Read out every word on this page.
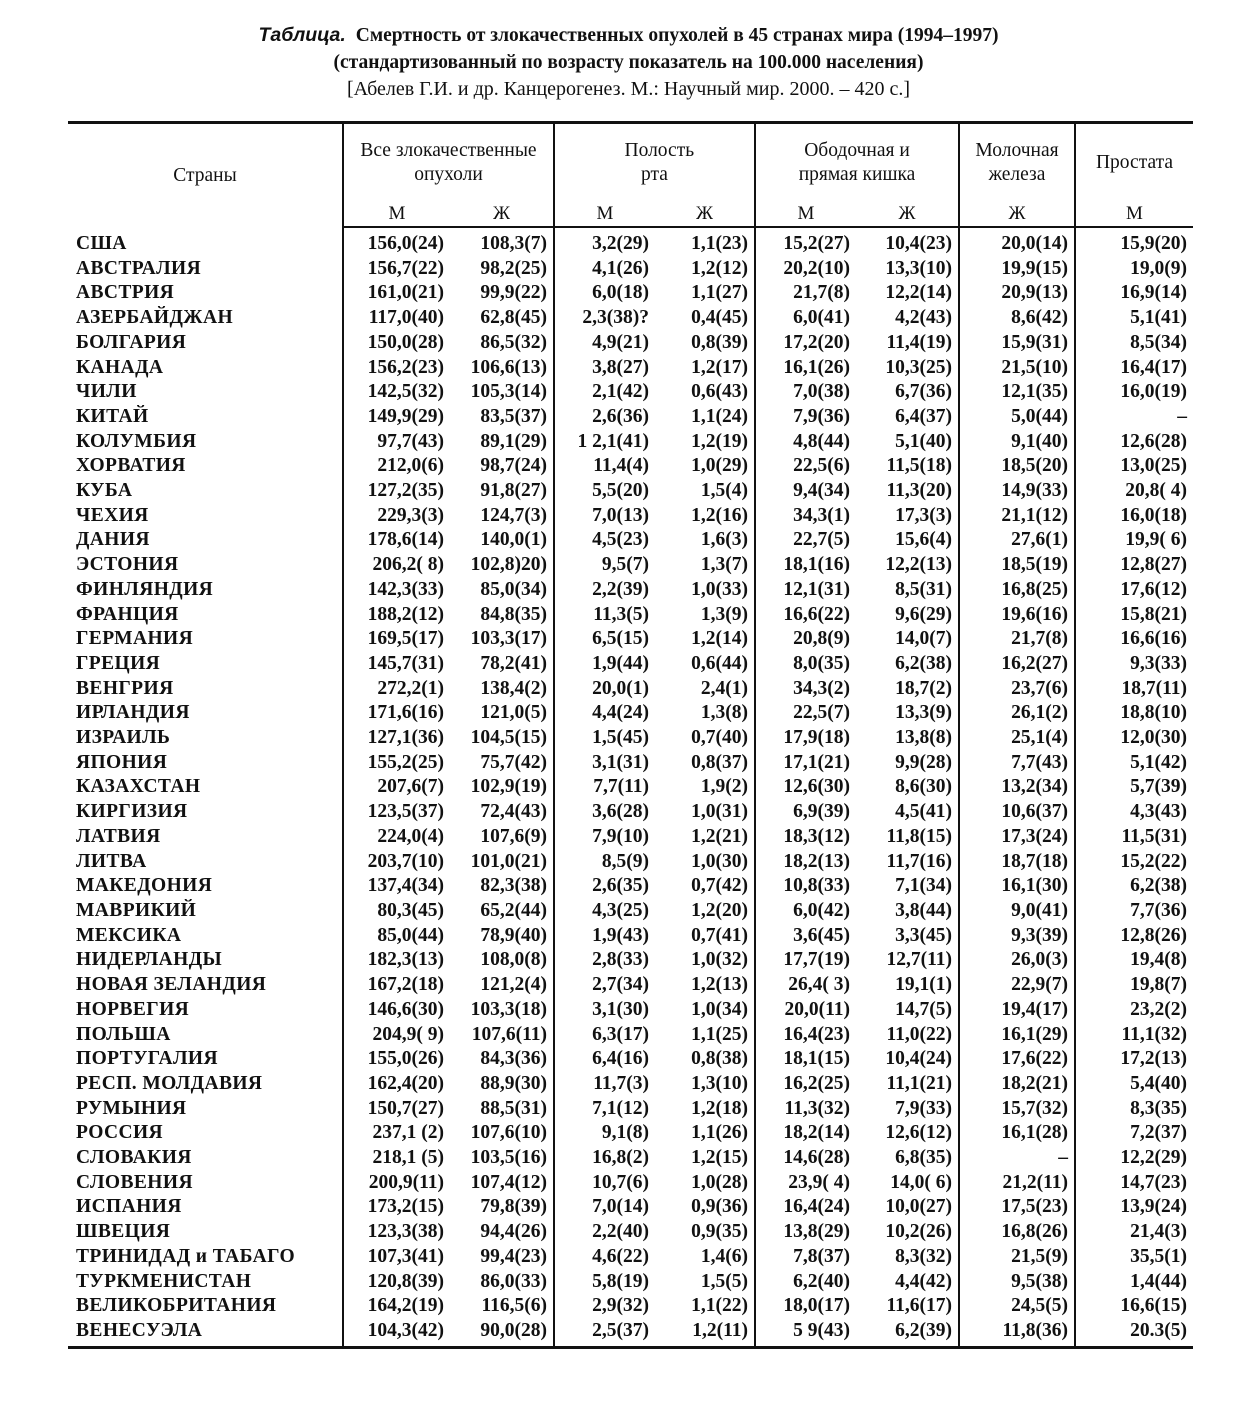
Таблица. Смертность от злокачественных опухолей в 45 странах мира (1994–1997)
(стандартизованный по возрасту показатель на 100.000 населения)
[Абелев Г.И. и др. Канцерогенез. М.: Научный мир. 2000. – 420 с.]
Страны	Все злокачественные опухоли		Полость рта		Ободочная и прямая кишка		Молочная железа	Простата
	М	Ж	М	Ж	М	Ж	Ж	М
США	156,0(24)	108,3(7)	3,2(29)	1,1(23)	15,2(27)	10,4(23)	20,0(14)	15,9(20)
АВСТРАЛИЯ	156,7(22)	98,2(25)	4,1(26)	1,2(12)	20,2(10)	13,3(10)	19,9(15)	19,0(9)
АВСТРИЯ	161,0(21)	99,9(22)	6,0(18)	1,1(27)	21,7(8)	12,2(14)	20,9(13)	16,9(14)
АЗЕРБАЙДЖАН	117,0(40)	62,8(45)	2,3(38)?	0,4(45)	6,0(41)	4,2(43)	8,6(42)	5,1(41)
БОЛГАРИЯ	150,0(28)	86,5(32)	4,9(21)	0,8(39)	17,2(20)	11,4(19)	15,9(31)	8,5(34)
КАНАДА	156,2(23)	106,6(13)	3,8(27)	1,2(17)	16,1(26)	10,3(25)	21,5(10)	16,4(17)
ЧИЛИ	142,5(32)	105,3(14)	2,1(42)	0,6(43)	7,0(38)	6,7(36)	12,1(35)	16,0(19)
КИТАЙ	149,9(29)	83,5(37)	2,6(36)	1,1(24)	7,9(36)	6,4(37)	5,0(44)	–
КОЛУМБИЯ	97,7(43)	89,1(29)	1 2,1(41)	1,2(19)	4,8(44)	5,1(40)	9,1(40)	12,6(28)
ХОРВАТИЯ	212,0(6)	98,7(24)	11,4(4)	1,0(29)	22,5(6)	11,5(18)	18,5(20)	13,0(25)
КУБА	127,2(35)	91,8(27)	5,5(20)	1,5(4)	9,4(34)	11,3(20)	14,9(33)	20,8( 4)
ЧЕХИЯ	229,3(3)	124,7(3)	7,0(13)	1,2(16)	34,3(1)	17,3(3)	21,1(12)	16,0(18)
ДАНИЯ	178,6(14)	140,0(1)	4,5(23)	1,6(3)	22,7(5)	15,6(4)	27,6(1)	19,9( 6)
ЭСТОНИЯ	206,2( 8)	102,8)20)	9,5(7)	1,3(7)	18,1(16)	12,2(13)	18,5(19)	12,8(27)
ФИНЛЯНДИЯ	142,3(33)	85,0(34)	2,2(39)	1,0(33)	12,1(31)	8,5(31)	16,8(25)	17,6(12)
ФРАНЦИЯ	188,2(12)	84,8(35)	11,3(5)	1,3(9)	16,6(22)	9,6(29)	19,6(16)	15,8(21)
ГЕРМАНИЯ	169,5(17)	103,3(17)	6,5(15)	1,2(14)	20,8(9)	14,0(7)	21,7(8)	16,6(16)
ГРЕЦИЯ	145,7(31)	78,2(41)	1,9(44)	0,6(44)	8,0(35)	6,2(38)	16,2(27)	9,3(33)
ВЕНГРИЯ	272,2(1)	138,4(2)	20,0(1)	2,4(1)	34,3(2)	18,7(2)	23,7(6)	18,7(11)
ИРЛАНДИЯ	171,6(16)	121,0(5)	4,4(24)	1,3(8)	22,5(7)	13,3(9)	26,1(2)	18,8(10)
ИЗРАИЛЬ	127,1(36)	104,5(15)	1,5(45)	0,7(40)	17,9(18)	13,8(8)	25,1(4)	12,0(30)
ЯПОНИЯ	155,2(25)	75,7(42)	3,1(31)	0,8(37)	17,1(21)	9,9(28)	7,7(43)	5,1(42)
КАЗАХСТАН	207,6(7)	102,9(19)	7,7(11)	1,9(2)	12,6(30)	8,6(30)	13,2(34)	5,7(39)
КИРГИЗИЯ	123,5(37)	72,4(43)	3,6(28)	1,0(31)	6,9(39)	4,5(41)	10,6(37)	4,3(43)
ЛАТВИЯ	224,0(4)	107,6(9)	7,9(10)	1,2(21)	18,3(12)	11,8(15)	17,3(24)	11,5(31)
ЛИТВА	203,7(10)	101,0(21)	8,5(9)	1,0(30)	18,2(13)	11,7(16)	18,7(18)	15,2(22)
МАКЕДОНИЯ	137,4(34)	82,3(38)	2,6(35)	0,7(42)	10,8(33)	7,1(34)	16,1(30)	6,2(38)
МАВРИКИЙ	80,3(45)	65,2(44)	4,3(25)	1,2(20)	6,0(42)	3,8(44)	9,0(41)	7,7(36)
МЕКСИКА	85,0(44)	78,9(40)	1,9(43)	0,7(41)	3,6(45)	3,3(45)	9,3(39)	12,8(26)
НИДЕРЛАНДЫ	182,3(13)	108,0(8)	2,8(33)	1,0(32)	17,7(19)	12,7(11)	26,0(3)	19,4(8)
НОВАЯ ЗЕЛАНДИЯ	167,2(18)	121,2(4)	2,7(34)	1,2(13)	26,4( 3)	19,1(1)	22,9(7)	19,8(7)
НОРВЕГИЯ	146,6(30)	103,3(18)	3,1(30)	1,0(34)	20,0(11)	14,7(5)	19,4(17)	23,2(2)
ПОЛЬША	204,9( 9)	107,6(11)	6,3(17)	1,1(25)	16,4(23)	11,0(22)	16,1(29)	11,1(32)
ПОРТУГАЛИЯ	155,0(26)	84,3(36)	6,4(16)	0,8(38)	18,1(15)	10,4(24)	17,6(22)	17,2(13)
РЕСП. МОЛДАВИЯ	162,4(20)	88,9(30)	11,7(3)	1,3(10)	16,2(25)	11,1(21)	18,2(21)	5,4(40)
РУМЫНИЯ	150,7(27)	88,5(31)	7,1(12)	1,2(18)	11,3(32)	7,9(33)	15,7(32)	8,3(35)
РОССИЯ	237,1 (2)	107,6(10)	9,1(8)	1,1(26)	18,2(14)	12,6(12)	16,1(28)	7,2(37)
СЛОВАКИЯ	218,1 (5)	103,5(16)	16,8(2)	1,2(15)	14,6(28)	6,8(35)	–	12,2(29)
СЛОВЕНИЯ	200,9(11)	107,4(12)	10,7(6)	1,0(28)	23,9( 4)	14,0( 6)	21,2(11)	14,7(23)
ИСПАНИЯ	173,2(15)	79,8(39)	7,0(14)	0,9(36)	16,4(24)	10,0(27)	17,5(23)	13,9(24)
ШВЕЦИЯ	123,3(38)	94,4(26)	2,2(40)	0,9(35)	13,8(29)	10,2(26)	16,8(26)	21,4(3)
ТРИНИДАД и ТАБАГО	107,3(41)	99,4(23)	4,6(22)	1,4(6)	7,8(37)	8,3(32)	21,5(9)	35,5(1)
ТУРКМЕНИСТАН	120,8(39)	86,0(33)	5,8(19)	1,5(5)	6,2(40)	4,4(42)	9,5(38)	1,4(44)
ВЕЛИКОБРИТАНИЯ	164,2(19)	116,5(6)	2,9(32)	1,1(22)	18,0(17)	11,6(17)	24,5(5)	16,6(15)
ВЕНЕСУЭЛА	104,3(42)	90,0(28)	2,5(37)	1,2(11)	5 9(43)	6,2(39)	11,8(36)	20.3(5)
